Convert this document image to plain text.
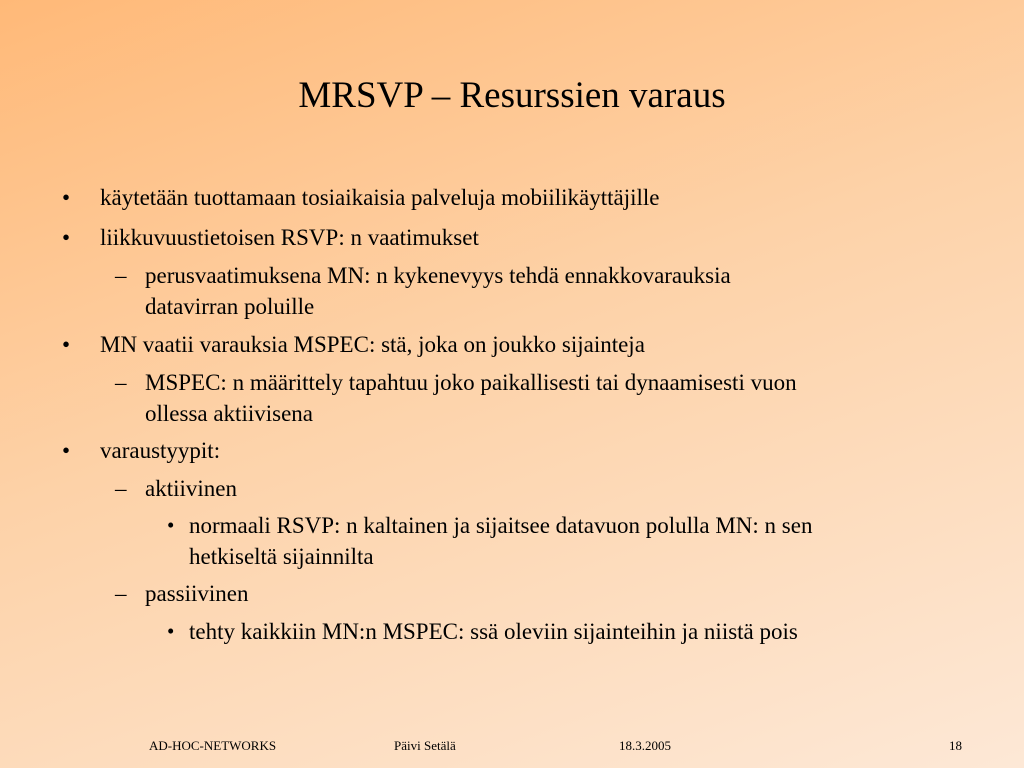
MRSVP – Resurssien varaus
• käytetään tuottamaan tosiaikaisia palveluja mobiilikäyttäjille
• liikkuvuustietoisen RSVP: n vaatimukset
– perusvaatimuksena MN: n kykenevyys tehdä ennakkovarauksia
datavirran poluille
• MN vaatii varauksia MSPEC: stä, joka on joukko sijainteja
– MSPEC: n määrittely tapahtuu joko paikallisesti tai dynaamisesti vuon
ollessa aktiivisena
• varaustyypit:
– aktiivinen
• normaali RSVP: n kaltainen ja sijaitsee datavuon polulla MN: n sen
hetkiseltä sijainnilta
– passiivinen
• tehty kaikkiin MN:n MSPEC: ssä oleviin sijainteihin ja niistä pois
AD-HOC-NETWORKS	Päivi Setälä	18.3.2005	18
